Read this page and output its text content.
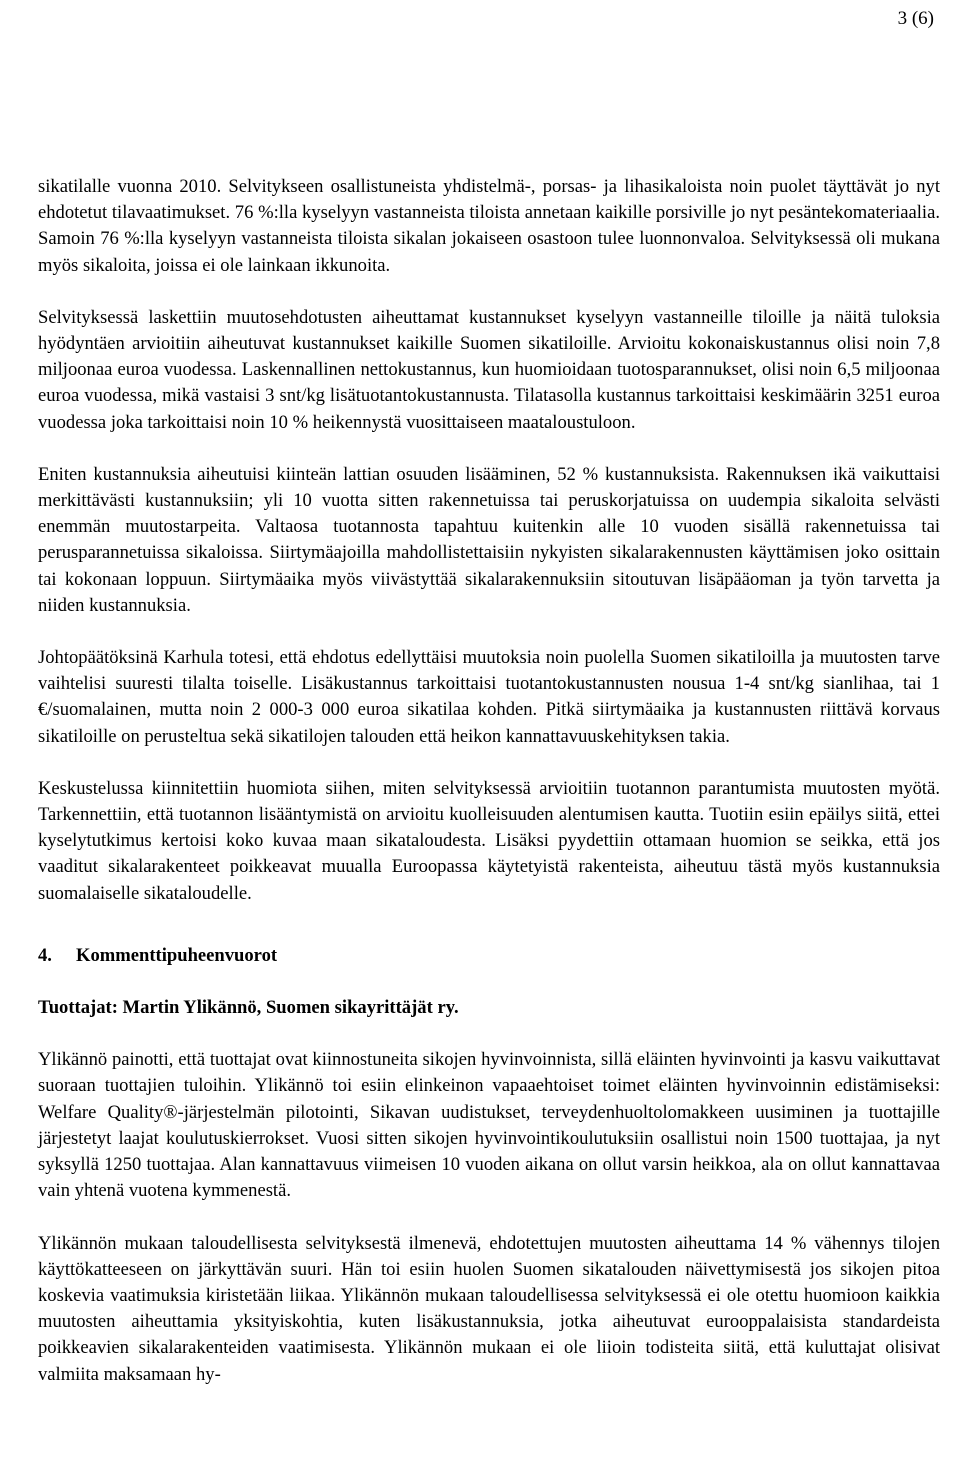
3 (6)

sikatilalle vuonna 2010. Selvitykseen osallistuneista yhdistelmä-, porsas- ja lihasikaloista noin puolet täyttävät jo nyt ehdotetut tilavaatimukset. 76 %:lla kyselyyn vastanneista tiloista annetaan kaikille porsiville jo nyt pesäntekomateriaalia. Samoin 76 %:lla kyselyyn vastanneista tiloista sikalan jokaiseen osastoon tulee luonnonvaloa. Selvityksessä oli mukana myös sikaloita, joissa ei ole lainkaan ikkunoita.

Selvityksessä laskettiin muutosehdotusten aiheuttamat kustannukset kyselyyn vastanneille tiloille ja näitä tuloksia hyödyntäen arvioitiin aiheutuvat kustannukset kaikille Suomen sikatiloille. Arvioitu kokonaiskustannus olisi noin 7,8 miljoonaa euroa vuodessa. Laskennallinen nettokustannus, kun huomioidaan tuotosparannukset, olisi noin 6,5 miljoonaa euroa vuodessa, mikä vastaisi 3 snt/kg lisätuotantokustannusta. Tilatasolla kustannus tarkoittaisi keskimäärin 3251 euroa vuodessa joka tarkoittaisi noin 10 % heikennystä vuosittaiseen maataloustuloon.

Eniten kustannuksia aiheutuisi kiinteän lattian osuuden lisääminen, 52 % kustannuksista. Rakennuksen ikä vaikuttaisi merkittävästi kustannuksiin; yli 10 vuotta sitten rakennetuissa tai peruskorjatuissa on uudempia sikaloita selvästi enemmän muutostarpeita. Valtaosa tuotannosta tapahtuu kuitenkin alle 10 vuoden sisällä rakennetuissa tai perusparannetuissa sikaloissa. Siirtymäajoilla mahdollistettaisiin nykyisten sikalarakennusten käyttämisen joko osittain tai kokonaan loppuun. Siirtymäaika myös viivästyttää sikalarakennuksiin sitoutuvan lisäpääoman ja työn tarvetta ja niiden kustannuksia.

Johtopäätöksinä Karhula totesi, että ehdotus edellyttäisi muutoksia noin puolella Suomen sikatiloilla ja muutosten tarve vaihtelisi suuresti tilalta toiselle. Lisäkustannus tarkoittaisi tuotantokustannusten nousua 1-4 snt/kg sianlihaa, tai 1 €/suomalainen, mutta noin 2 000-3 000 euroa sikatilaa kohden. Pitkä siirtymäaika ja kustannusten riittävä korvaus sikatiloille on perusteltua sekä sikatilojen talouden että heikon kannattavuuskehityksen takia.

Keskustelussa kiinnitettiin huomiota siihen, miten selvityksessä arvioitiin tuotannon parantumista muutosten myötä. Tarkennettiin, että tuotannon lisääntymistä on arvioitu kuolleisuuden alentumisen kautta. Tuotiin esiin epäilys siitä, ettei kyselytutkimus kertoisi koko kuvaa maan sikataloudesta. Lisäksi pyydettiin ottamaan huomion se seikka, että jos vaaditut sikalarakenteet poikkeavat muualla Euroopassa käytetyistä rakenteista, aiheutuu tästä myös kustannuksia suomalaiselle sikataloudelle.

4.	Kommenttipuheenvuorot

Tuottajat: Martin Ylikännö, Suomen sikayrittäjät ry.

Ylikännö painotti, että tuottajat ovat kiinnostuneita sikojen hyvinvoinnista, sillä eläinten hyvinvointi ja kasvu vaikuttavat suoraan tuottajien tuloihin. Ylikännö toi esiin elinkeinon vapaaehtoiset toimet eläinten hyvinvoinnin edistämiseksi: Welfare Quality®-järjestelmän pilotointi, Sikavan uudistukset, terveydenhuoltolomakkeen uusiminen ja tuottajille järjestetyt laajat koulutuskierrokset. Vuosi sitten sikojen hyvinvointikoulutuksiin osallistui noin 1500 tuottajaa, ja nyt syksyllä 1250 tuottajaa. Alan kannattavuus viimeisen 10 vuoden aikana on ollut varsin heikkoa, ala on ollut kannattavaa vain yhtenä vuotena kymmenestä.

Ylikännön mukaan taloudellisesta selvityksestä ilmenevä, ehdotettujen muutosten aiheuttama 14 % vähennys tilojen käyttökatteeseen on järkyttävän suuri. Hän toi esiin huolen Suomen sikatalouden näivettymisestä jos sikojen pitoa koskevia vaatimuksia kiristetään liikaa. Ylikännön mukaan taloudellisessa selvityksessä ei ole otettu huomioon kaikkia muutosten aiheuttamia yksityiskohtia, kuten lisäkustannuksia, jotka aiheutuvat eurooppalaisista standardeista poikkeavien sikalarakenteiden vaatimisesta. Ylikännön mukaan ei ole liioin todisteita siitä, että kuluttajat olisivat valmiita maksamaan hy-
